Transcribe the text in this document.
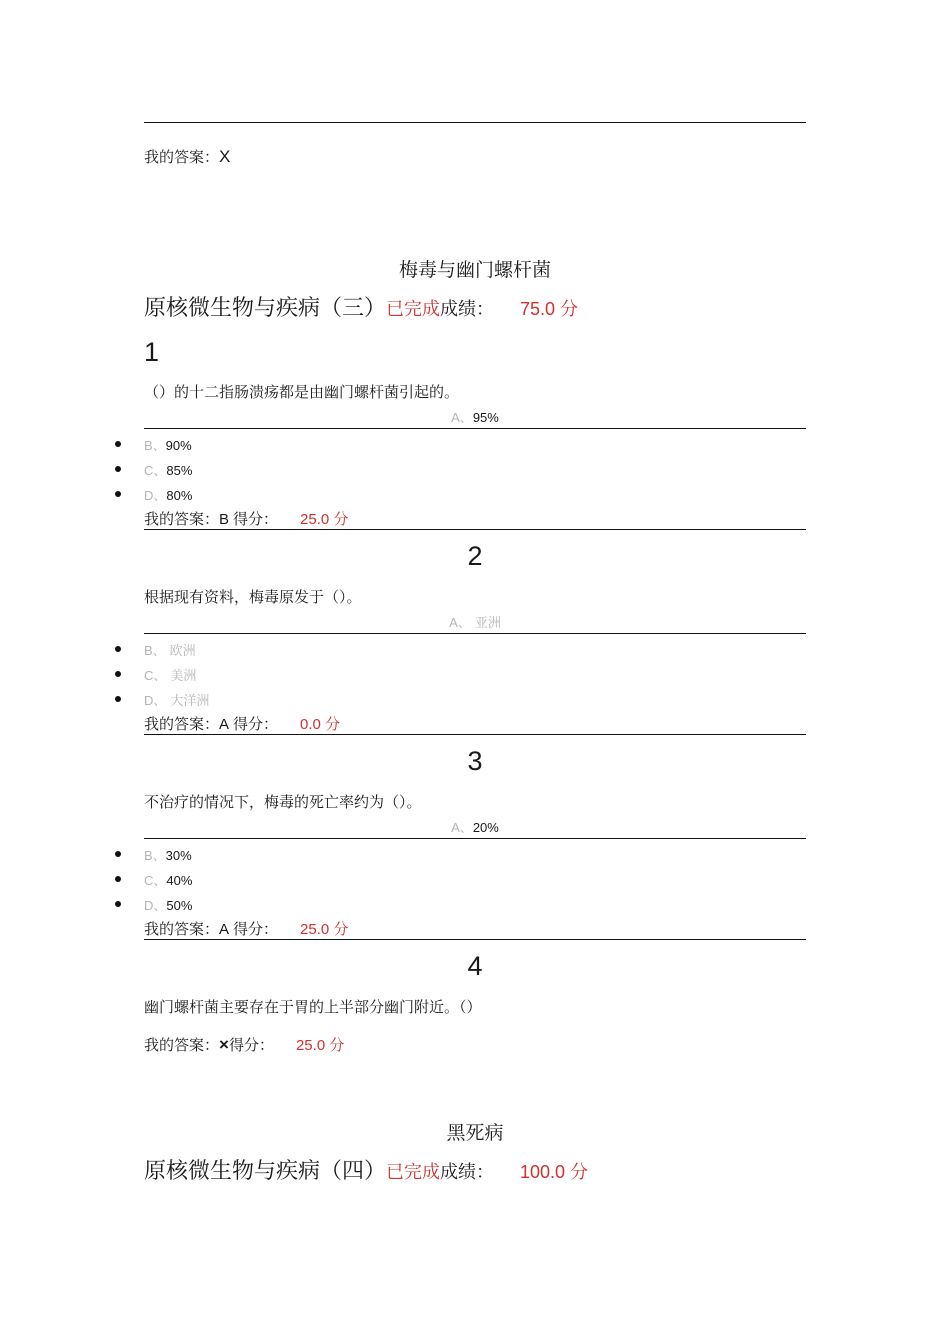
我的答案：X
梅毒与幽门螺杆菌
原核微生物与疾病（三）已完成成绩： 75.0 分
1
（）的十二指肠溃疡都是由幽门螺杆菌引起的。
A、95%
B、90%
C、85%
D、80%
我的答案：B 得分： 25.0 分
2
根据现有资料，梅毒原发于（）。
A、 亚洲
B、 欧洲
C、 美洲
D、 大洋洲
我的答案：A 得分： 0.0 分
3
不治疗的情况下，梅毒的死亡率约为（）。
A、20%
B、30%
C、40%
D、50%
我的答案：A 得分： 25.0 分
4
幽门螺杆菌主要存在于胃的上半部分幽门附近。（）
我的答案：×得分： 25.0 分
黑死病
原核微生物与疾病（四）已完成成绩： 100.0 分
